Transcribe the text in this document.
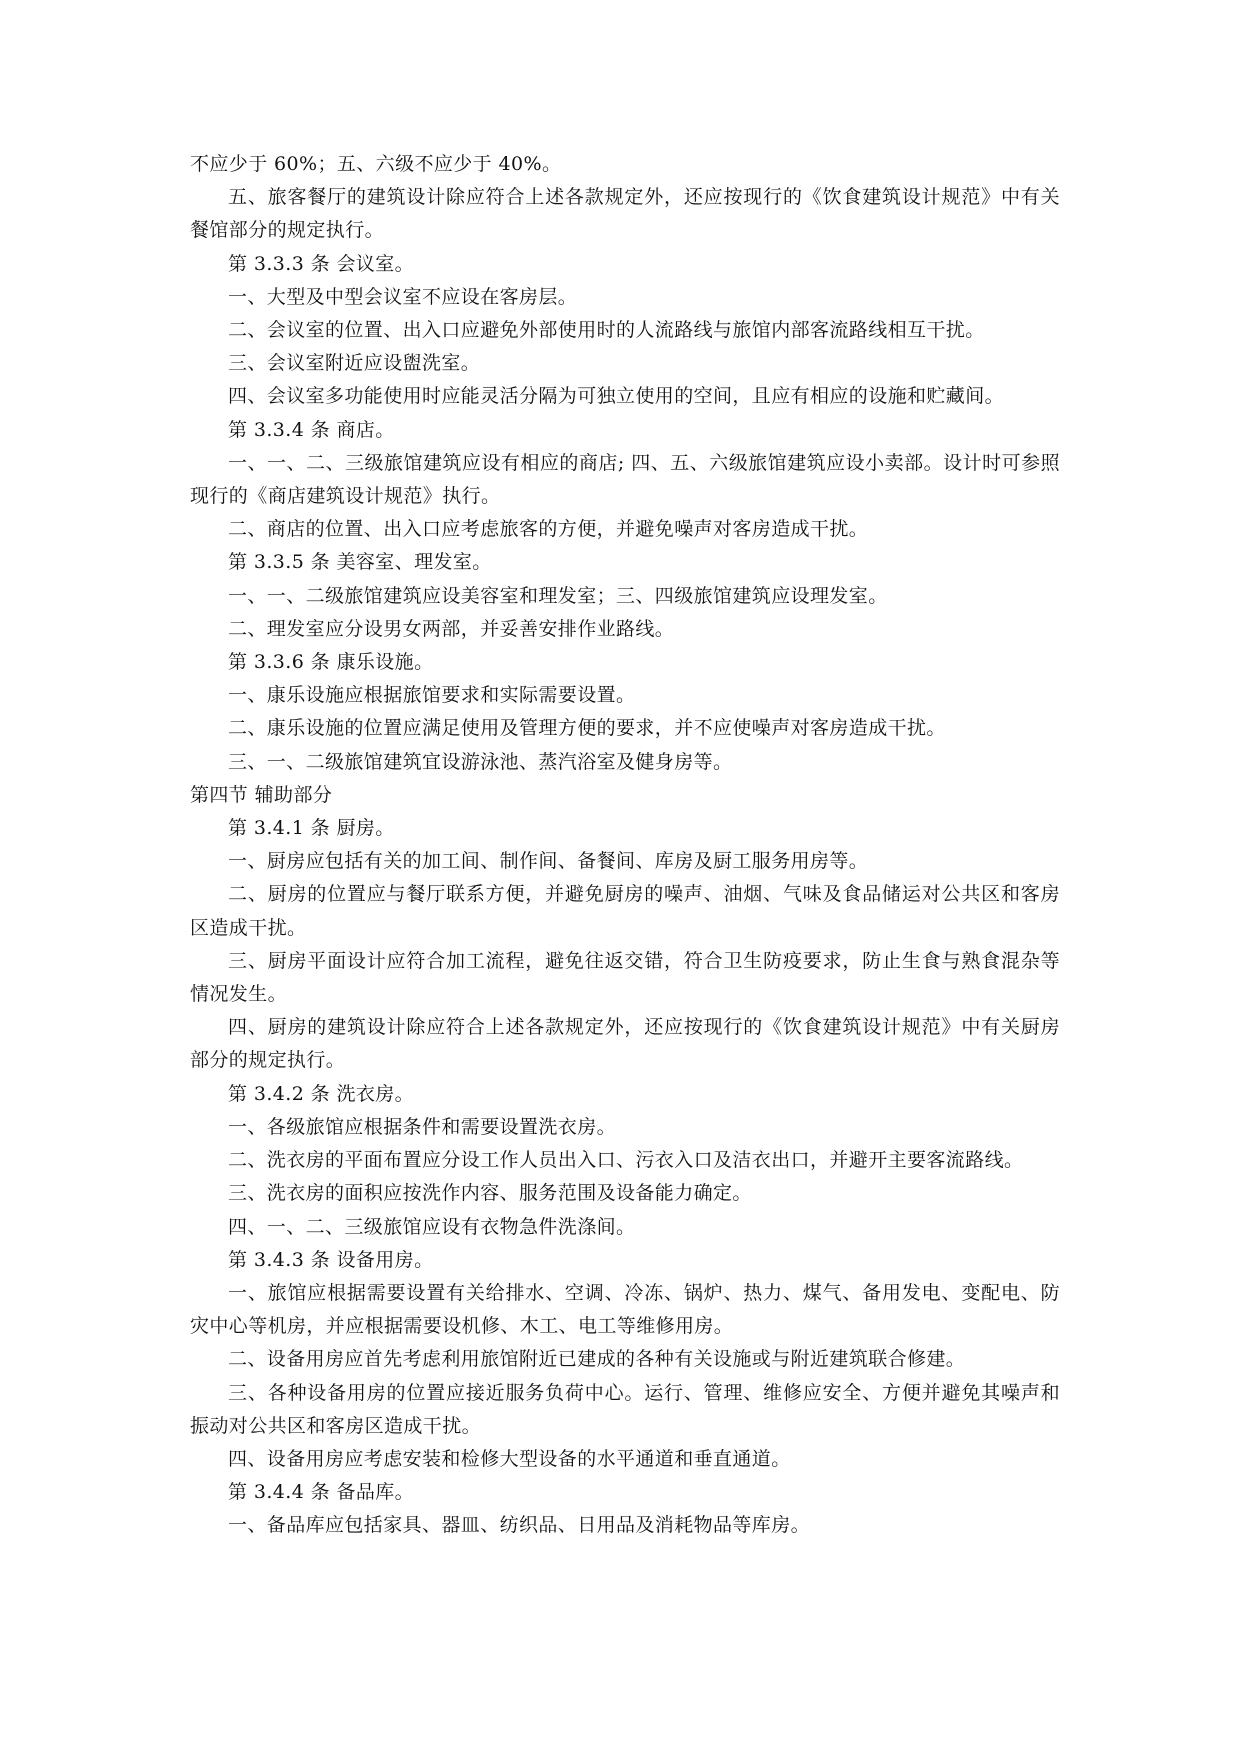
不应少于 60%；五、六级不应少于 40%。

五、旅客餐厅的建筑设计除应符合上述各款规定外，还应按现行的《饮食建筑设计规范》中有关餐馆部分的规定执行。

第 3.3.3 条 会议室。

一、大型及中型会议室不应设在客房层。

二、会议室的位置、出入口应避免外部使用时的人流路线与旅馆内部客流路线相互干扰。

三、会议室附近应设盥洗室。

四、会议室多功能使用时应能灵活分隔为可独立使用的空间，且应有相应的设施和贮藏间。

第 3.3.4 条 商店。

一、一、二、三级旅馆建筑应设有相应的商店; 四、五、六级旅馆建筑应设小卖部。设计时可参照现行的《商店建筑设计规范》执行。

二、商店的位置、出入口应考虑旅客的方便，并避免噪声对客房造成干扰。

第 3.3.5 条 美容室、理发室。

一、一、二级旅馆建筑应设美容室和理发室；三、四级旅馆建筑应设理发室。

二、理发室应分设男女两部，并妥善安排作业路线。

第 3.3.6 条 康乐设施。

一、康乐设施应根据旅馆要求和实际需要设置。

二、康乐设施的位置应满足使用及管理方便的要求，并不应使噪声对客房造成干扰。

三、一、二级旅馆建筑宜设游泳池、蒸汽浴室及健身房等。

第四节 辅助部分

第 3.4.1 条 厨房。

一、厨房应包括有关的加工间、制作间、备餐间、库房及厨工服务用房等。

二、厨房的位置应与餐厅联系方便，并避免厨房的噪声、油烟、气味及食品储运对公共区和客房区造成干扰。

三、厨房平面设计应符合加工流程，避免往返交错，符合卫生防疫要求，防止生食与熟食混杂等情况发生。

四、厨房的建筑设计除应符合上述各款规定外，还应按现行的《饮食建筑设计规范》中有关厨房部分的规定执行。

第 3.4.2 条 洗衣房。

一、各级旅馆应根据条件和需要设置洗衣房。

二、洗衣房的平面布置应分设工作人员出入口、污衣入口及洁衣出口，并避开主要客流路线。

三、洗衣房的面积应按洗作内容、服务范围及设备能力确定。

四、一、二、三级旅馆应设有衣物急件洗涤间。

第 3.4.3 条 设备用房。

一、旅馆应根据需要设置有关给排水、空调、冷冻、锅炉、热力、煤气、备用发电、变配电、防灾中心等机房，并应根据需要设机修、木工、电工等维修用房。

二、设备用房应首先考虑利用旅馆附近已建成的各种有关设施或与附近建筑联合修建。

三、各种设备用房的位置应接近服务负荷中心。运行、管理、维修应安全、方便并避免其噪声和振动对公共区和客房区造成干扰。

四、设备用房应考虑安装和检修大型设备的水平通道和垂直通道。

第 3.4.4 条 备品库。

一、备品库应包括家具、器皿、纺织品、日用品及消耗物品等库房。
